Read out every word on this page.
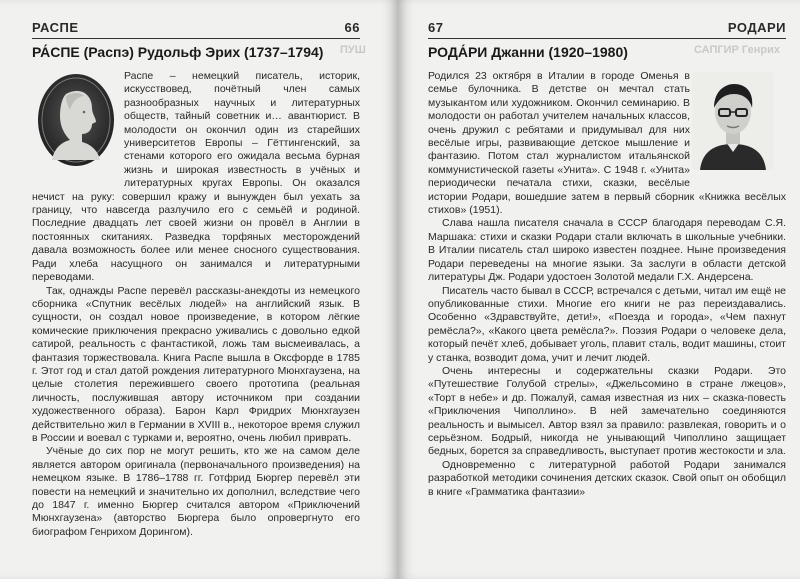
РАСПЕ	66
ПУШ
РА́СПЕ (Распэ) Рудольф Эрих (1737–1794)

Распе – немецкий писатель, историк, искусствовед, почётный член самых разнообразных научных и литературных обществ, тайный советник и… авантюрист. В молодости он окончил один из старейших университетов Европы – Гёттингенский, за стенами которого его ожидала весьма бурная жизнь и широкая известность в учёных и литературных кругах Европы. Он оказался нечист на руку: совершил кражу и вынужден был уехать за границу, что навсегда разлучило его с семьёй и родиной. Последние двадцать лет своей жизни он провёл в Англии в постоянных скитаниях. Разведка торфяных месторождений давала возможность более или менее сносного существования. Ради хлеба насущного он занимался и литературными переводами.

Так, однажды Распе перевёл рассказы-анекдоты из немецкого сборника «Спутник весёлых людей» на английский язык. В сущности, он создал новое произведение, в котором лёгкие комические приключения прекрасно уживались с довольно едкой сатирой, реальность с фантастикой, ложь там высмеивалась, а фантазия торжествовала. Книга Распе вышла в Оксфорде в 1785 г. Этот год и стал датой рождения литературного Мюнхгаузена, на целые столетия пережившего своего прототипа (реальная личность, послужившая автору источником при создании художественного образа). Барон Карл Фридрих Мюнхгаузен действительно жил в Германии в XVIII в., некоторое время служил в России и воевал с турками и, вероятно, очень любил приврать.

Учёные до сих пор не могут решить, кто же на самом деле является автором оригинала (первоначального произведения) на немецком языке. В 1786–1788 гг. Готфрид Бюргер перевёл эти повести на немецкий и значительно их дополнил, вследствие чего до 1847 г. именно Бюргер считался автором «Приключений Мюнхгаузена» (авторство Бюргера было опровергнуто его биографом Генрихом Дорингом).

67	РОДАРИ
САПГИР Генрих
РОДА́РИ Джанни (1920–1980)

Родился 23 октября в Италии в городе Оменья в семье булочника. В детстве он мечтал стать музыкантом или художником. Окончил семинарию. В молодости он работал учителем начальных классов, очень дружил с ребятами и придумывал для них весёлые игры, развивающие детское мышление и фантазию. Потом стал журналистом итальянской коммунистической газеты «Унита». С 1948 г. «Унита» периодически печатала стихи, сказки, весёлые истории Родари, вошедшие затем в первый сборник «Книжка весёлых стихов» (1951).

Слава нашла писателя сначала в СССР благодаря переводам С.Я. Маршака: стихи и сказки Родари стали включать в школьные учебники. В Италии писатель стал широко известен позднее. Ныне произведения Родари переведены на многие языки. За заслуги в области детской литературы Дж. Родари удостоен Золотой медали Г.Х. Андерсена.

Писатель часто бывал в СССР, встречался с детьми, читал им ещё не опубликованные стихи. Многие его книги не раз переиздавались. Особенно «Здравствуйте, дети!», «Поезда и города», «Чем пахнут ремёсла?», «Какого цвета ремёсла?». Поэзия Родари о человеке дела, который печёт хлеб, добывает уголь, плавит сталь, водит машины, стоит у станка, возводит дома, учит и лечит людей.

Очень интересны и содержательны сказки Родари. Это «Путешествие Голубой стрелы», «Джельсомино в стране лжецов», «Торт в небе» и др. Пожалуй, самая известная из них – сказка-повесть «Приключения Чиполлино». В ней замечательно соединяются реальность и вымысел. Автор взял за правило: развлекая, говорить и о серьёзном. Бодрый, никогда не унывающий Чиполлино защищает бедных, борется за справедливость, выступает против жестокости и зла.

Одновременно с литературной работой Родари занимался разработкой методики сочинения детских сказок. Свой опыт он обобщил в книге «Грамматика фантазии»
